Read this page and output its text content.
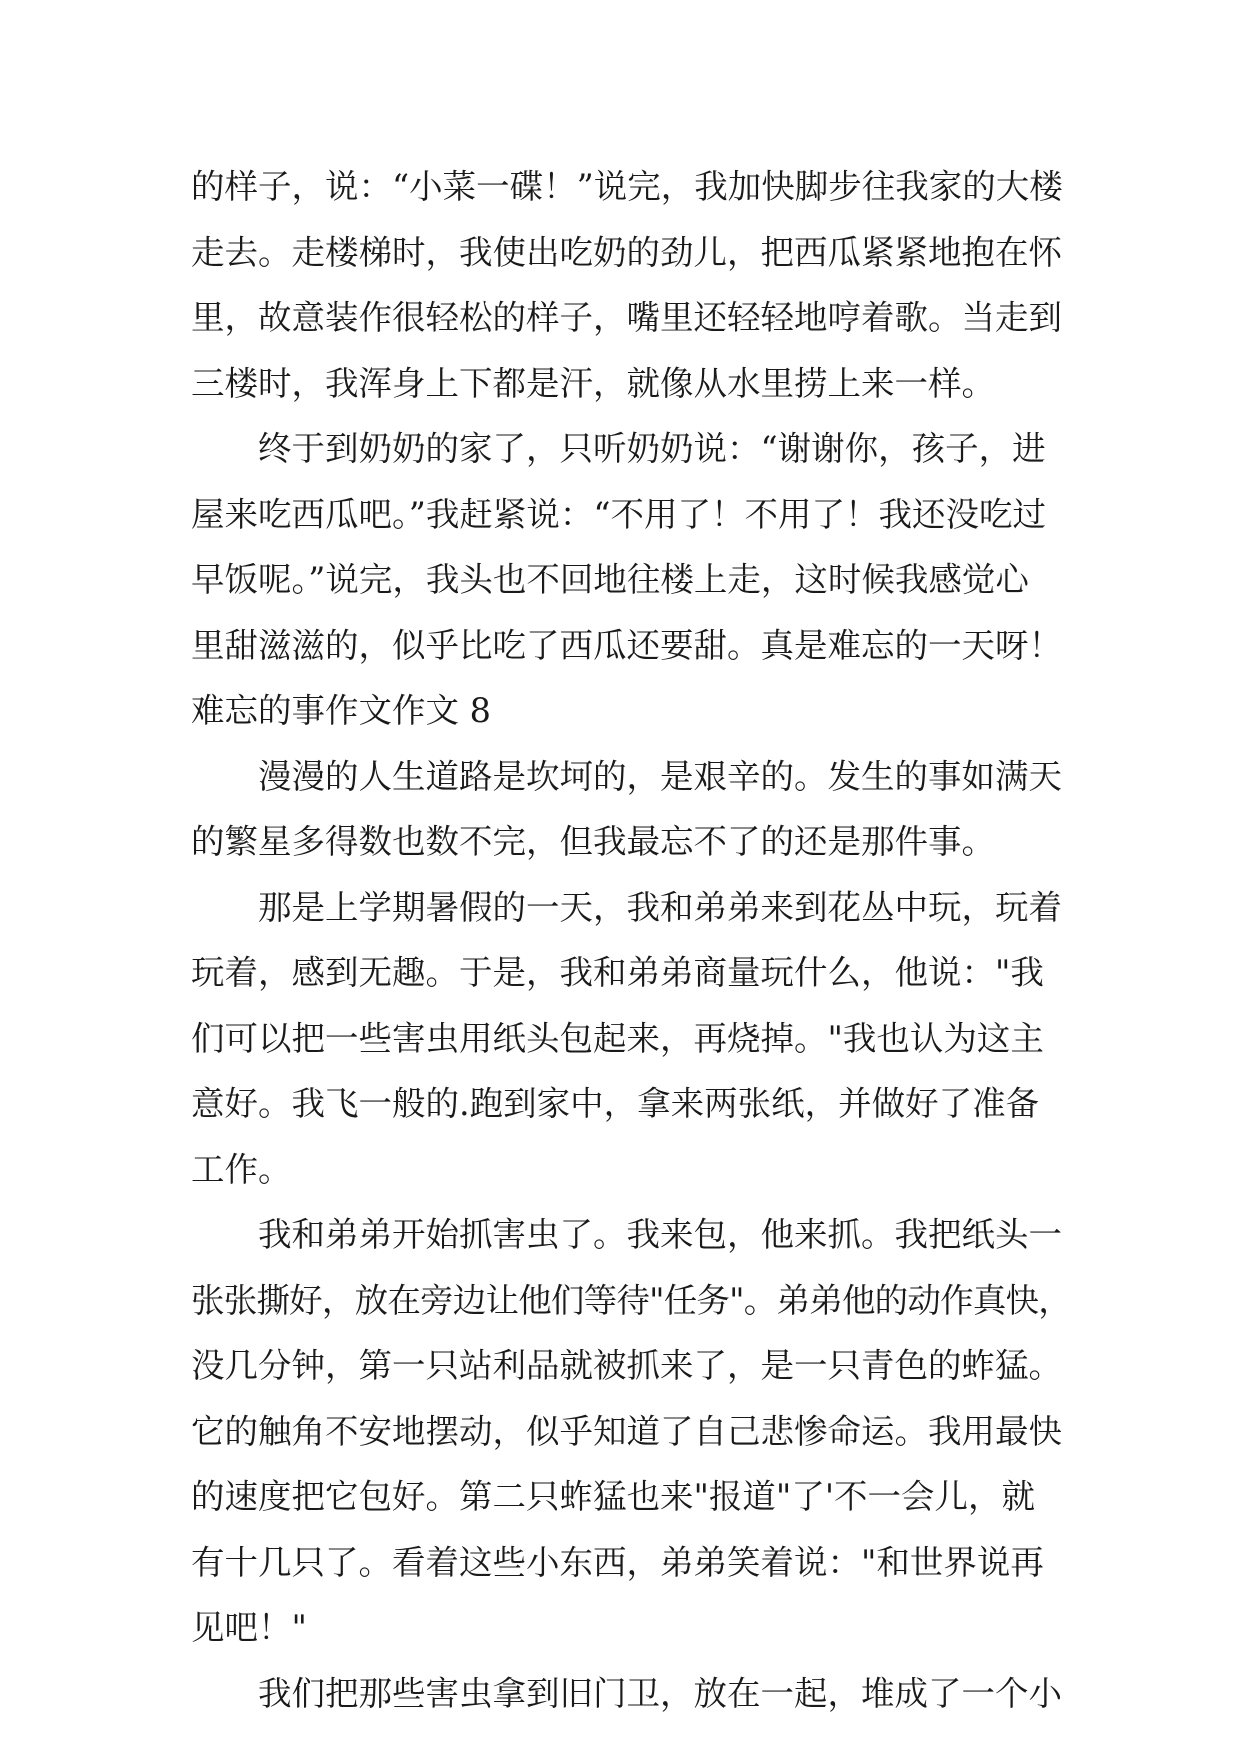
的样子，说：“小菜一碟！”说完，我加快脚步往我家的大楼
走去。走楼梯时，我使出吃奶的劲儿，把西瓜紧紧地抱在怀
里，故意装作很轻松的样子，嘴里还轻轻地哼着歌。当走到
三楼时，我浑身上下都是汗，就像从水里捞上来一样。
终于到奶奶的家了，只听奶奶说：“谢谢你，孩子，进
屋来吃西瓜吧。”我赶紧说：“不用了！不用了！我还没吃过
早饭呢。”说完，我头也不回地往楼上走，这时候我感觉心
里甜滋滋的，似乎比吃了西瓜还要甜。真是难忘的一天呀！
难忘的事作文作文 8
漫漫的人生道路是坎坷的，是艰辛的。发生的事如满天
的繁星多得数也数不完，但我最忘不了的还是那件事。
那是上学期暑假的一天，我和弟弟来到花丛中玩，玩着
玩着，感到无趣。于是，我和弟弟商量玩什么，他说："我
们可以把一些害虫用纸头包起来，再烧掉。"我也认为这主
意好。我飞一般的.跑到家中，拿来两张纸，并做好了准备
工作。
我和弟弟开始抓害虫了。我来包，他来抓。我把纸头一
张张撕好，放在旁边让他们等待"任务"。弟弟他的动作真快，
没几分钟，第一只站利品就被抓来了，是一只青色的蚱猛。
它的触角不安地摆动，似乎知道了自己悲惨命运。我用最快
的速度把它包好。第二只蚱猛也来"报道"了'不一会儿，就
有十几只了。看着这些小东西，弟弟笑着说："和世界说再
见吧！"
我们把那些害虫拿到旧门卫，放在一起，堆成了一个小
